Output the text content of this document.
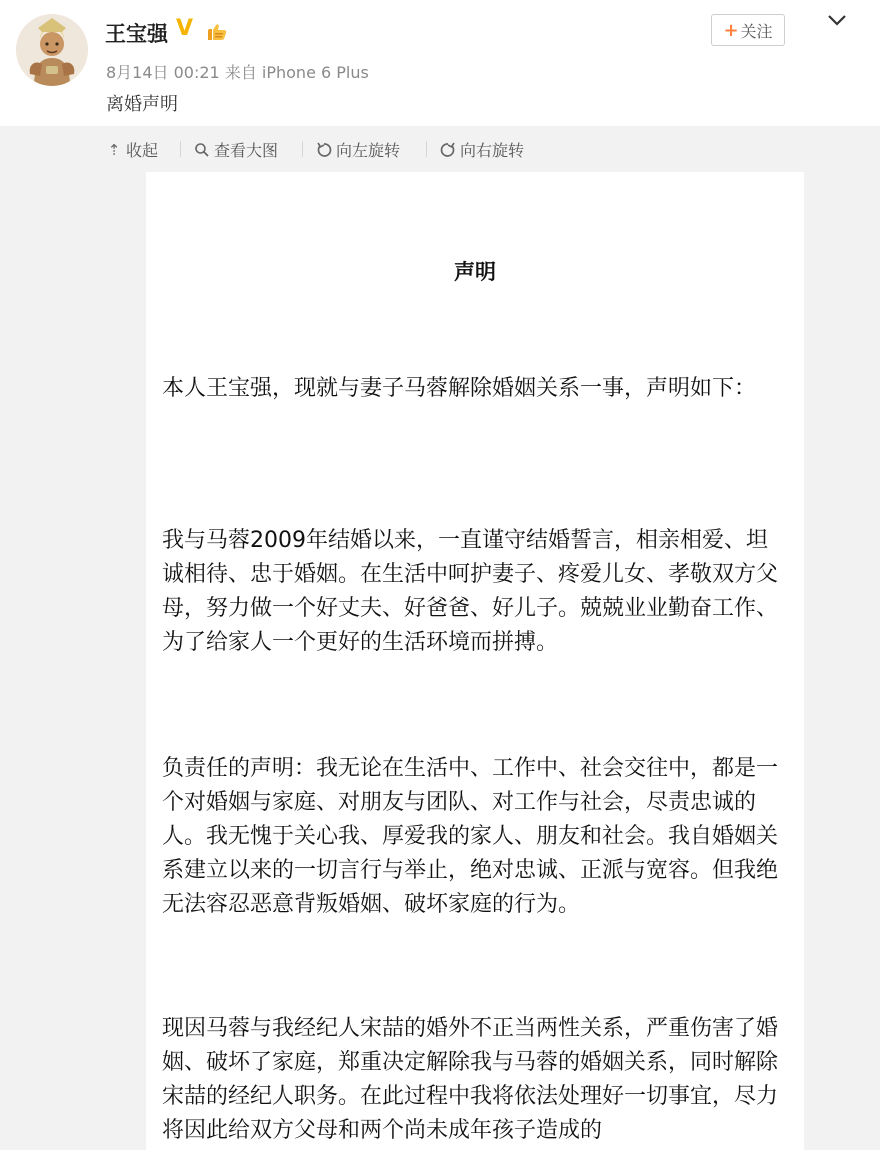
王宝强 V
8月14日 00:21 来自 iPhone 6 Plus
离婚声明
+ 关注
⇡ 收起	查看大图	向左旋转	向右旋转
声明

本人王宝强，现就与妻子马蓉解除婚姻关系一事，声明如下：

我与马蓉2009年结婚以来，一直谨守结婚誓言，相亲相爱、坦诚相待、忠于婚姻。在生活中呵护妻子、疼爱儿女、孝敬双方父母，努力做一个好丈夫、好爸爸、好儿子。兢兢业业勤奋工作、为了给家人一个更好的生活环境而拼搏。

负责任的声明：我无论在生活中、工作中、社会交往中，都是一个对婚姻与家庭、对朋友与团队、对工作与社会，尽责忠诚的人。我无愧于关心我、厚爱我的家人、朋友和社会。我自婚姻关系建立以来的一切言行与举止，绝对忠诚、正派与宽容。但我绝无法容忍恶意背叛婚姻、破坏家庭的行为。

现因马蓉与我经纪人宋喆的婚外不正当两性关系，严重伤害了婚姻、破坏了家庭，郑重决定解除我与马蓉的婚姻关系，同时解除宋喆的经纪人职务。在此过程中我将依法处理好一切事宜，尽力将因此给双方父母和两个尚未成年孩子造成的
